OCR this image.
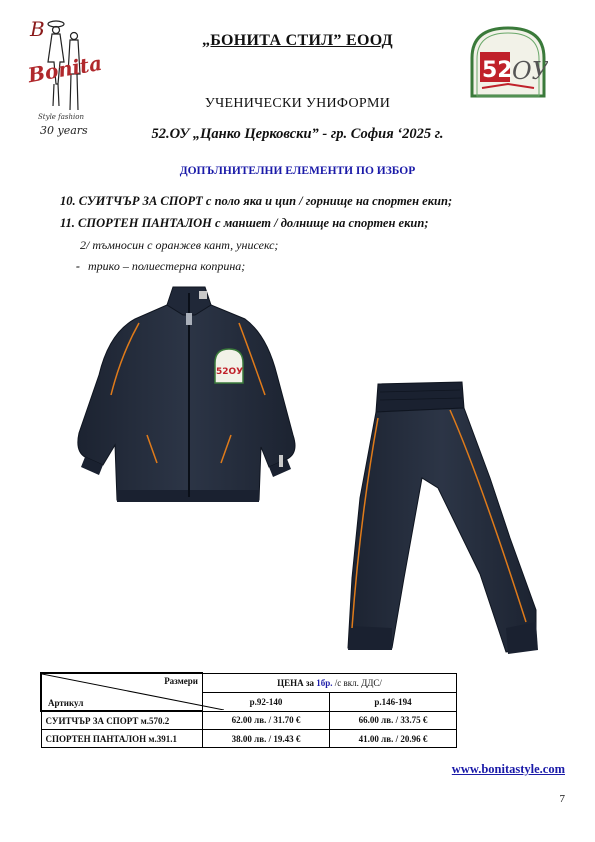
B
Bonita
Style fashion
30 years
52 ОУ
„БОНИТА СТИЛ” ЕООД
УЧЕНИЧЕСКИ УНИФОРМИ
52.ОУ „Цанко Церковски” - гр. София ‘2025 г.
ДОПЪЛНИТЕЛНИ ЕЛЕМЕНТИ ПО ИЗБОР
10. СУИТЧЪР ЗА СПОРТ с поло яка и цип / горнище на спортен екип;
11. СПОРТЕН ПАНТАЛОН с маншет / долнище на спортен екип;
2/ тъмносин с оранжев кант, унисекс;
- трико – полиестерна коприна;
52ОУ
Размери
Артикул	ЦЕНА за 1бр. /с вкл. ДДС/	
	р.92-140	р.146-194
СУИТЧЪР ЗА СПОРТ м.570.2	62.00 лв. / 31.70 €	66.00 лв. / 33.75 €
СПОРТЕН ПАНТАЛОН м.391.1	38.00 лв. / 19.43 €	41.00 лв. / 20.96 €
www.bonitastyle.com
7
